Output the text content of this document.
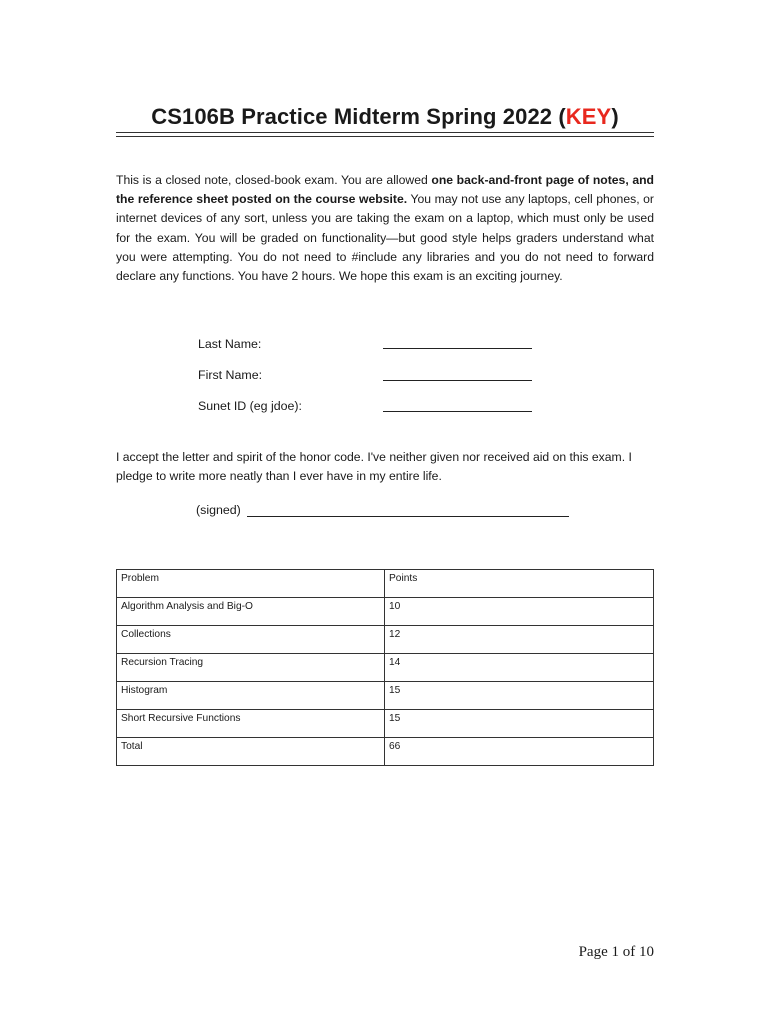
CS106B Practice Midterm Spring 2022 (KEY)
This is a closed note, closed-book exam. You are allowed one back-and-front page of notes, and the reference sheet posted on the course website. You may not use any laptops, cell phones, or internet devices of any sort, unless you are taking the exam on a laptop, which must only be used for the exam. You will be graded on functionality—but good style helps graders understand what you were attempting. You do not need to #include any libraries and you do not need to forward declare any functions. You have 2 hours. We hope this exam is an exciting journey.
Last Name:
First Name:
Sunet ID (eg jdoe):
I accept the letter and spirit of the honor code. I've neither given nor received aid on this exam. I pledge to write more neatly than I ever have in my entire life.
(signed)
Problem	Points
Algorithm Analysis and Big-O	10
Collections	12
Recursion Tracing	14
Histogram	15
Short Recursive Functions	15
Total	66
Page 1 of 10
